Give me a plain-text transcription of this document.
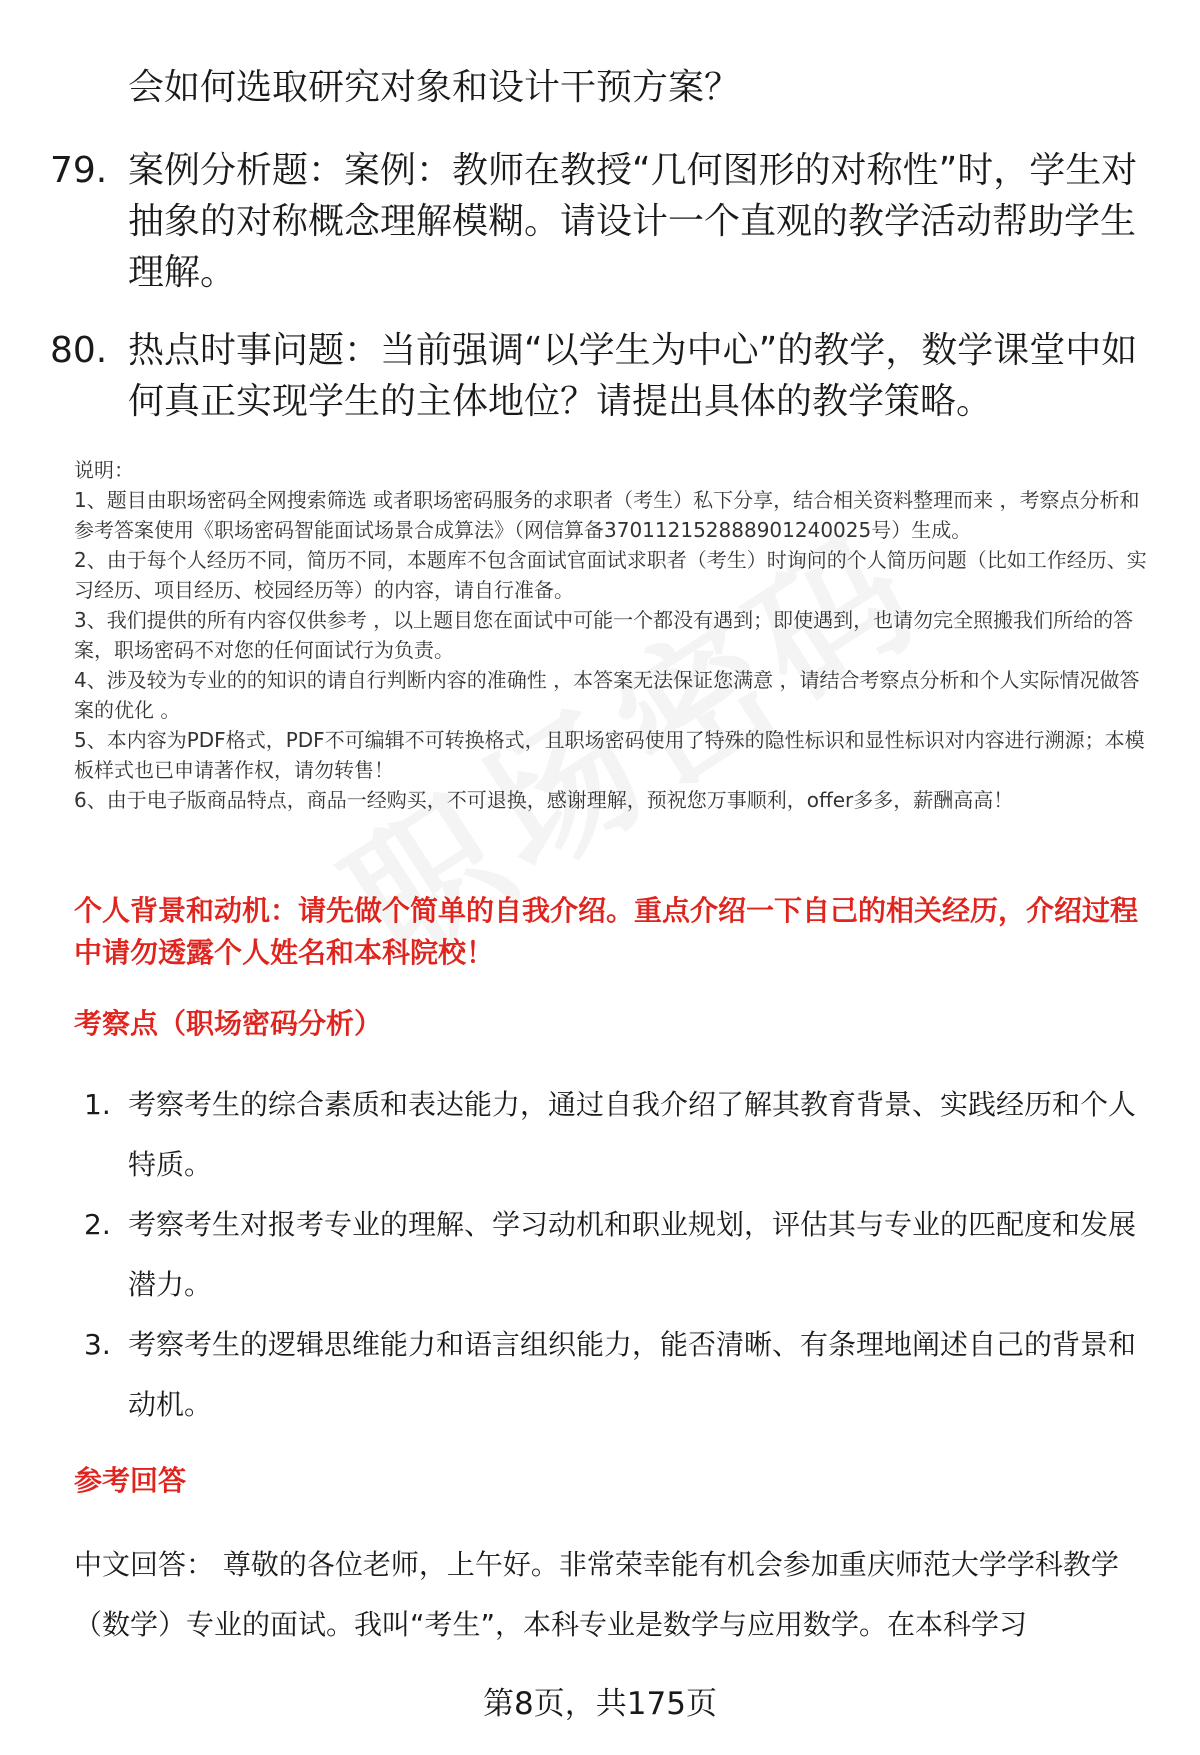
会如何选取研究对象和设计干预方案？
79. 案例分析题：案例：教师在教授“几何图形的对称性”时，学生对抽象的对称概念理解模糊。请设计一个直观的教学活动帮助学生理解。
80. 热点时事问题：当前强调“以学生为中心”的教学，数学课堂中如何真正实现学生的主体地位？请提出具体的教学策略。

说明：

1、题目由职场密码全网搜索筛选 或者职场密码服务的求职者（考生）私下分享，结合相关资料整理而来 ，考察点分析和参考答案使用《职场密码智能面试场景合成算法》（网信算备370112152888901240025号）生成。

2、由于每个人经历不同，简历不同，本题库不包含面试官面试求职者（考生）时询问的个人简历问题（比如工作经历、实习经历、项目经历、校园经历等）的内容，请自行准备。

3、我们提供的所有内容仅供参考 ，以上题目您在面试中可能一个都没有遇到；即使遇到，也请勿完全照搬我们所给的答案，职场密码不对您的任何面试行为负责。

4、涉及较为专业的的知识的请自行判断内容的准确性 ，本答案无法保证您满意 ，请结合考察点分析和个人实际情况做答案的优化 。

5、本内容为PDF格式，PDF不可编辑不可转换格式，且职场密码使用了特殊的隐性标识和显性标识对内容进行溯源；本模板样式也已申请著作权，请勿转售！

6、由于电子版商品特点，商品一经购买，不可退换，感谢理解，预祝您万事顺利，offer多多，薪酬高高！

个人背景和动机：请先做个简单的自我介绍。重点介绍一下自己的相关经历，介绍过程中请勿透露个人姓名和本科院校！
考察点（职场密码分析）
1. 考察考生的综合素质和表达能力，通过自我介绍了解其教育背景、实践经历和个人特质。
2. 考察考生对报考专业的理解、学习动机和职业规划，评估其与专业的匹配度和发展潜力。
3. 考察考生的逻辑思维能力和语言组织能力，能否清晰、有条理地阐述自己的背景和动机。
参考回答
中文回答： 尊敬的各位老师，上午好。非常荣幸能有机会参加重庆师范大学学科教学（数学）专业的面试。我叫“考生”，本科专业是数学与应用数学。在本科学习
第8页，共175页
